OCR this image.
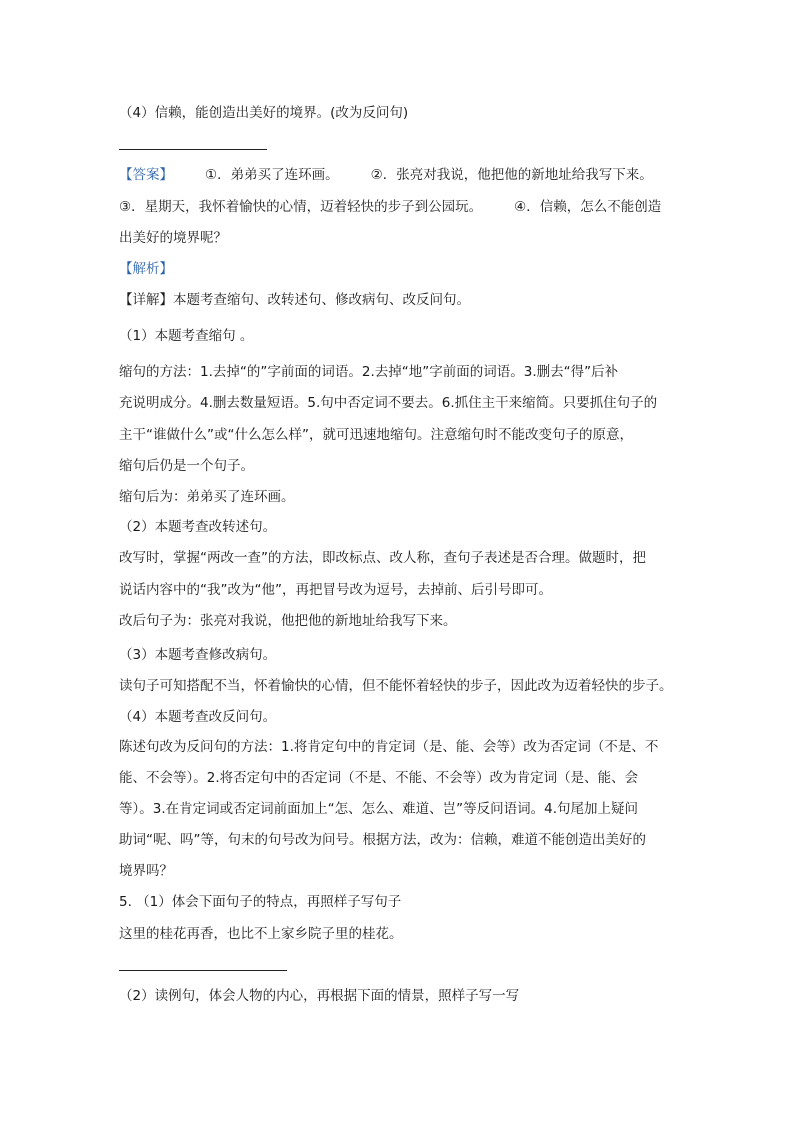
（4）信赖，能创造出美好的境界。(改为反问句)
【答案】 ①．弟弟买了连环画。 ②．张亮对我说，他把他的新地址给我写下来。
③．星期天，我怀着愉快的心情，迈着轻快的步子到公园玩。 ④．信赖，怎么不能创造
出美好的境界呢？
【解析】
【详解】本题考查缩句、改转述句、修改病句、改反问句。
（1）本题考查缩句 。
缩句的方法：1.去掉“的”字前面的词语。2.去掉“地”字前面的词语。3.删去“得”后补
充说明成分。4.删去数量短语。5.句中否定词不要去。6.抓住主干来缩简。只要抓住句子的
主干“谁做什么”或“什么怎么样”，就可迅速地缩句。注意缩句时不能改变句子的原意，
缩句后仍是一个句子。
缩句后为：弟弟买了连环画。
（2）本题考查改转述句。
改写时，掌握“两改一查”的方法，即改标点、改人称，查句子表述是否合理。做题时，把
说话内容中的“我”改为“他”，再把冒号改为逗号，去掉前、后引号即可。
改后句子为：张亮对我说，他把他的新地址给我写下来。
（3）本题考查修改病句。
读句子可知搭配不当，怀着愉快的心情，但不能怀着轻快的步子，因此改为迈着轻快的步子。
（4）本题考查改反问句。
陈述句改为反问句的方法：1.将肯定句中的肯定词（是、能、会等）改为否定词（不是、不
能、不会等）。2.将否定句中的否定词（不是、不能、不会等）改为肯定词（是、能、会
等）。3.在肯定词或否定词前面加上“怎、怎么、难道、岂”等反问语词。4.句尾加上疑问
助词“呢、吗”等，句末的句号改为问号。根据方法，改为：信赖，难道不能创造出美好的
境界吗？
5. （1）体会下面句子的特点，再照样子写句子
这里的桂花再香，也比不上家乡院子里的桂花。
（2）读例句，体会人物的内心，再根据下面的情景，照样子写一写
